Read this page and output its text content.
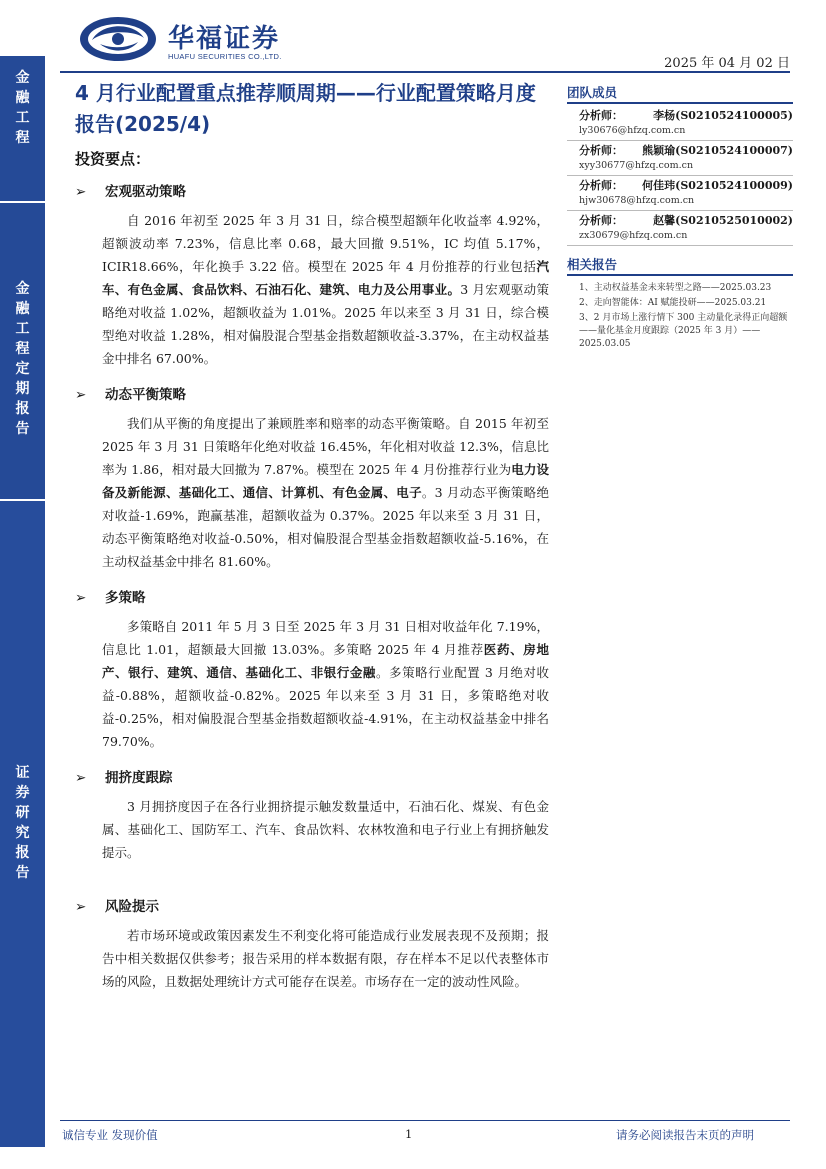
华福证券
HUAFU SECURITIES CO.,LTD.	2025 年 04 月 02 日
金融工程
金融工程定期报告
证券研究报告
4 月行业配置重点推荐顺周期——行业配置策略月度报告(2025/4)
投资要点：
➢ 宏观驱动策略

自 2016 年初至 2025 年 3 月 31 日，综合模型超额年化收益率 4.92%，超额波动率 7.23%，信息比率 0.68，最大回撤 9.51%，IC 均值 5.17%，ICIR18.66%，年化换手 3.22 倍。模型在 2025 年 4 月份推荐的行业包括汽车、有色金属、食品饮料、石油石化、建筑、电力及公用事业。3 月宏观驱动策略绝对收益 1.02%，超额收益为 1.01%。2025 年以来至 3 月 31 日，综合模型绝对收益 1.28%，相对偏股混合型基金指数超额收益-3.37%，在主动权益基金中排名 67.00%。

➢ 动态平衡策略

我们从平衡的角度提出了兼顾胜率和赔率的动态平衡策略。自 2015 年初至 2025 年 3 月 31 日策略年化绝对收益 16.45%，年化相对收益 12.3%，信息比率为 1.86，相对最大回撤为 7.87%。模型在 2025 年 4 月份推荐行业为电力设备及新能源、基础化工、通信、计算机、有色金属、电子。3 月动态平衡策略绝对收益-1.69%，跑赢基准，超额收益为 0.37%。2025 年以来至 3 月 31 日，动态平衡策略绝对收益-0.50%，相对偏股混合型基金指数超额收益-5.16%，在主动权益基金中排名 81.60%。

➢ 多策略

多策略自 2011 年 5 月 3 日至 2025 年 3 月 31 日相对收益年化 7.19%，信息比 1.01，超额最大回撤 13.03%。多策略 2025 年 4 月推荐医药、房地产、银行、建筑、通信、基础化工、非银行金融。多策略行业配置 3 月绝对收益-0.88%，超额收益-0.82%。2025 年以来至 3 月 31 日，多策略绝对收益-0.25%，相对偏股混合型基金指数超额收益-4.91%，在主动权益基金中排名 79.70%。

➢ 拥挤度跟踪

3 月拥挤度因子在各行业拥挤提示触发数量适中，石油石化、煤炭、有色金属、基础化工、国防军工、汽车、食品饮料、农林牧渔和电子行业上有拥挤触发提示。

➢ 风险提示

若市场环境或政策因素发生不利变化将可能造成行业发展表现不及预期；报告中相关数据仅供参考；报告采用的样本数据有限，存在样本不足以代表整体市场的风险，且数据处理统计方式可能存在误差。市场存在一定的波动性风险。

团队成员
分析师：	李杨(S0210524100005)
ly30676@hfzq.com.cn
分析师： 熊颖瑜(S0210524100007)
xyy30677@hfzq.com.cn
分析师： 何佳玮(S0210524100009)
hjw30678@hfzq.com.cn
分析师：	赵馨(S0210525010002)
zx30679@hfzq.com.cn
相关报告
1、主动权益基金未来转型之路——2025.03.23
2、走向智能体：AI 赋能投研——2025.03.21
3、2 月市场上涨行情下 300 主动量化录得正向超额——量化基金月度跟踪（2025 年 3 月）——2025.03.05
诚信专业 发现价值	1	请务必阅读报告末页的声明
